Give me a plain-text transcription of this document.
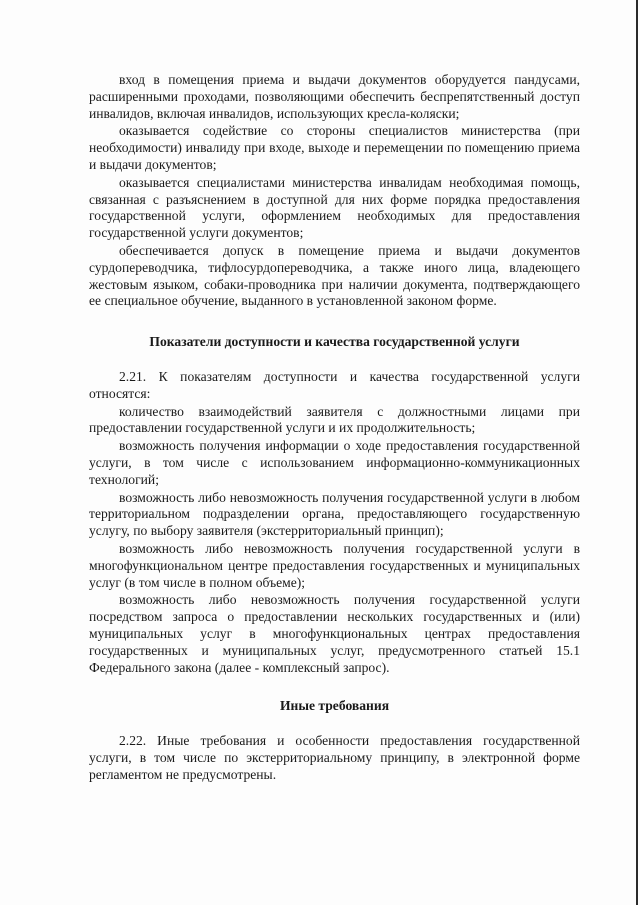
вход в помещения приема и выдачи документов оборудуется пандусами, расширенными проходами, позволяющими обеспечить беспрепятственный доступ инвалидов, включая инвалидов, использующих кресла-коляски;

оказывается содействие со стороны специалистов министерства (при необходимости) инвалиду при входе, выходе и перемещении по помещению приема и выдачи документов;

оказывается специалистами министерства инвалидам необходимая помощь, связанная с разъяснением в доступной для них форме порядка предоставления государственной услуги, оформлением необходимых для предоставления государственной услуги документов;

обеспечивается допуск в помещение приема и выдачи документов сурдопереводчика, тифлосурдопереводчика, а также иного лица, владеющего жестовым языком, собаки-проводника при наличии документа, подтверждающего ее специальное обучение, выданного в установленной законом форме.

Показатели доступности и качества государственной услуги

2.21. К показателям доступности и качества государственной услуги относятся:

количество взаимодействий заявителя с должностными лицами при предоставлении государственной услуги и их продолжительность;

возможность получения информации о ходе предоставления государственной услуги, в том числе с использованием информационно-коммуникационных технологий;

возможность либо невозможность получения государственной услуги в любом территориальном подразделении органа, предоставляющего государственную услугу, по выбору заявителя (экстерриториальный принцип);

возможность либо невозможность получения государственной услуги в многофункциональном центре предоставления государственных и муниципальных услуг (в том числе в полном объеме);

возможность либо невозможность получения государственной услуги посредством запроса о предоставлении нескольких государственных и (или) муниципальных услуг в многофункциональных центрах предоставления государственных и муниципальных услуг, предусмотренного статьей 15.1 Федерального закона (далее - комплексный запрос).

Иные требования

2.22. Иные требования и особенности предоставления государственной услуги, в том числе по экстерриториальному принципу, в электронной форме регламентом не предусмотрены.
